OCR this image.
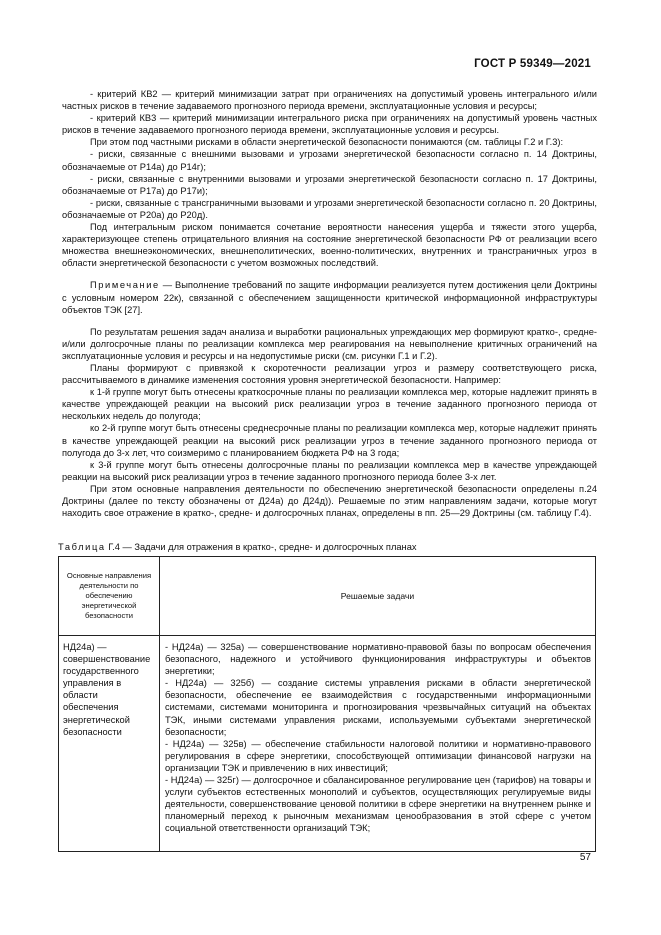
ГОСТ Р 59349—2021

- критерий КВ2 — критерий минимизации затрат при ограничениях на допустимый уровень интегрального и/или частных рисков в течение задаваемого прогнозного периода времени, эксплуатационные условия и ресурсы;

- критерий КВ3 — критерий минимизации интегрального риска при ограничениях на допустимый уровень частных рисков в течение задаваемого прогнозного периода времени, эксплуатационные условия и ресурсы.

При этом под частными рисками в области энергетической безопасности понимаются (см. таблицы Г.2 и Г.3):

- риски, связанные с внешними вызовами и угрозами энергетической безопасности согласно п. 14 Доктрины, обозначаемые от Р14а) до Р14г);

- риски, связанные с внутренними вызовами и угрозами энергетической безопасности согласно п. 17 Доктрины, обозначаемые от Р17а) до Р17и);

- риски, связанные с трансграничными вызовами и угрозами энергетической безопасности согласно п. 20 Доктрины, обозначаемые от Р20а) до Р20д).

Под интегральным риском понимается сочетание вероятности нанесения ущерба и тяжести этого ущерба, характеризующее степень отрицательного влияния на состояние энергетической безопасности РФ от реализации всего множества внешнеэкономических, внешнеполитических, военно-политических, внутренних и трансграничных угроз в области энергетической безопасности с учетом возможных последствий.

Примечание — Выполнение требований по защите информации реализуется путем достижения цели Доктрины с условным номером 22к), связанной с обеспечением защищенности критической информационной инфраструктуры объектов ТЭК [27].

По результатам решения задач анализа и выработки рациональных упреждающих мер формируют кратко-, средне- и/или долгосрочные планы по реализации комплекса мер реагирования на невыполнение критичных ограничений на эксплуатационные условия и ресурсы и на недопустимые риски (см. рисунки Г.1 и Г.2).

Планы формируют с привязкой к скоротечности реализации угроз и размеру соответствующего риска, рассчитываемого в динамике изменения состояния уровня энергетической безопасности. Например:

к 1-й группе могут быть отнесены краткосрочные планы по реализации комплекса мер, которые надлежит принять в качестве упреждающей реакции на высокий риск реализации угроз в течение заданного прогнозного периода от нескольких недель до полугода;

ко 2-й группе могут быть отнесены среднесрочные планы по реализации комплекса мер, которые надлежит принять в качестве упреждающей реакции на высокий риск реализации угроз в течение заданного прогнозного периода от полугода до 3-х лет, что соизмеримо с планированием бюджета РФ на 3 года;

к 3-й группе могут быть отнесены долгосрочные планы по реализации комплекса мер в качестве упреждающей реакции на высокий риск реализации угроз в течение заданного прогнозного периода более 3-х лет.

При этом основные направления деятельности по обеспечению энергетической безопасности определены п.24 Доктрины (далее по тексту обозначены от Д24а) до Д24д)). Решаемые по этим направлениям задачи, которые могут находить свое отражение в кратко-, средне- и долгосрочных планах, определены в пп. 25—29 Доктрины (см. таблицу Г.4).

Таблица Г.4 — Задачи для отражения в кратко-, средне- и долгосрочных планах
Основные направления деятельности по обеспечению энергетической безопасности	Решаемые задачи
НД24а) — совершенствование государственного управления в области обеспечения энергетической безопасности	- НД24а) — 325а) — совершенствование нормативно-правовой базы по вопросам обеспечения безопасного, надежного и устойчивого функционирования инфраструктуры и объектов энергетики;

- НД24а) — 325б) — создание системы управления рисками в области энергетической безопасности, обеспечение ее взаимодействия с государственными информационными системами, системами мониторинга и прогнозирования чрезвычайных ситуаций на объектах ТЭК, иными системами управления рисками, используемыми субъектами энергетической безопасности;

- НД24а) — 325в) — обеспечение стабильности налоговой политики и нормативно-правового регулирования в сфере энергетики, способствующей оптимизации финансовой нагрузки на организации ТЭК и привлечению в них инвестиций;

- НД24а) — 325г) — долгосрочное и сбалансированное регулирование цен (тарифов) на товары и услуги субъектов естественных монополий и субъектов, осуществляющих регулируемые виды деятельности, совершенствование ценовой политики в сфере энергетики на внутреннем рынке и планомерный переход к рыночным механизмам ценообразования в этой сфере с учетом социальной ответственности организаций ТЭК;

57
